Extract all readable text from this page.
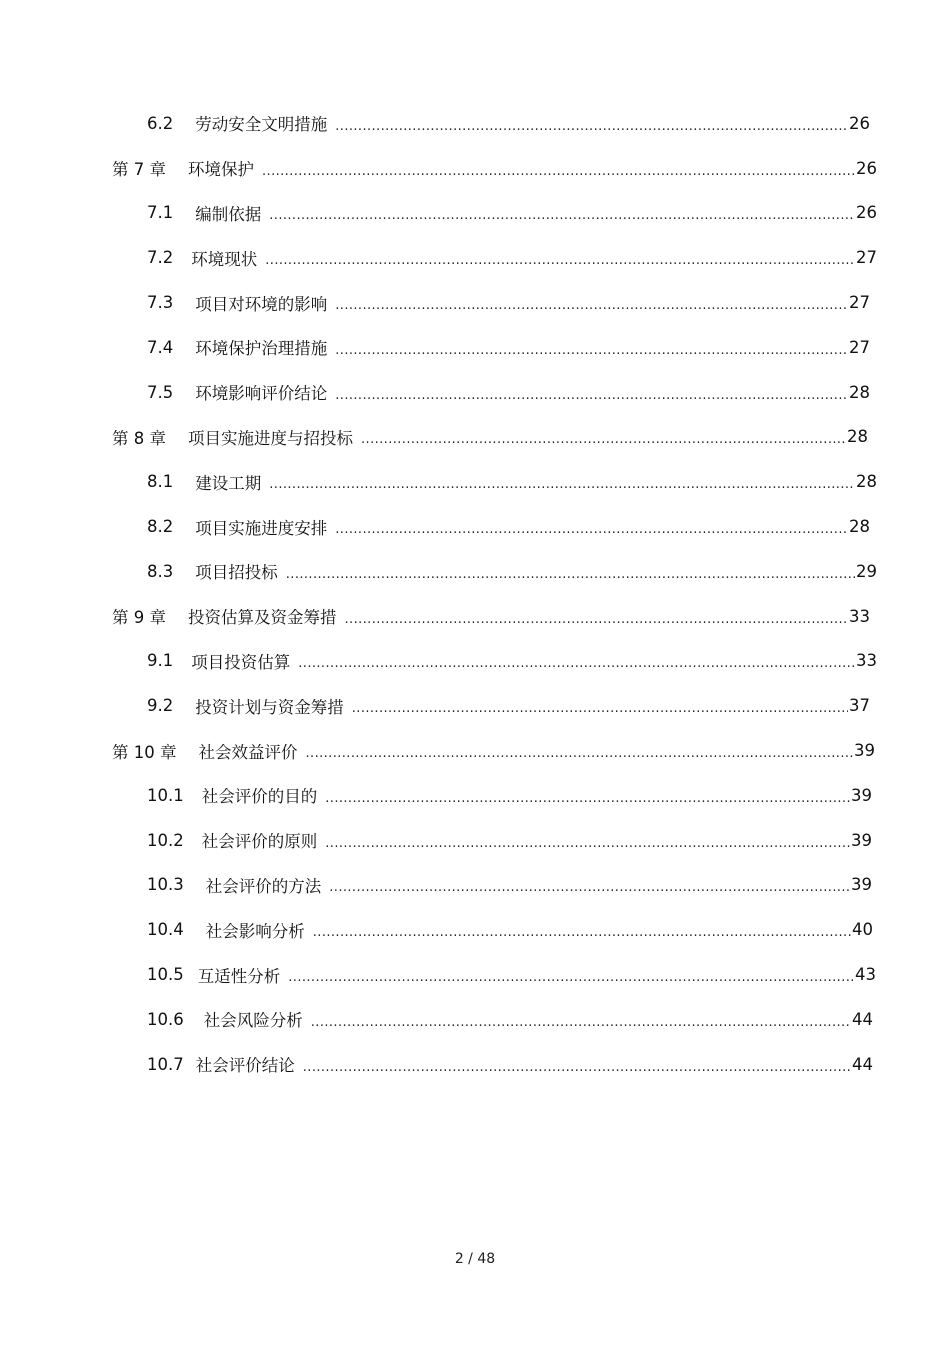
6.2 劳动安全文明措施 .....	26
第 7 章 环境保护 .....	26
7.1 编制依据 .....	26
7.2 环境现状 .....	27
7.3 项目对环境的影响 .....	27
7.4 环境保护治理措施 .....	27
7.5 环境影响评价结论 .....	28
第 8 章 项目实施进度与招投标 .....	28
8.1 建设工期 .....	28
8.2 项目实施进度安排 .....	28
8.3 项目招投标 .....	29
第 9 章 投资估算及资金筹措 .....	33
9.1 项目投资估算 .....	33
9.2 投资计划与资金筹措 .....	37
第 10 章 社会效益评价 .....	39
10.1 社会评价的目的 .....	39
10.2 社会评价的原则 .....	39
10.3 社会评价的方法 .....	39
10.4 社会影响分析 .....	40
10.5 互适性分析 .....	43
10.6 社会风险分析 .....	44
10.7 社会评价结论 .....	44
2 / 48
